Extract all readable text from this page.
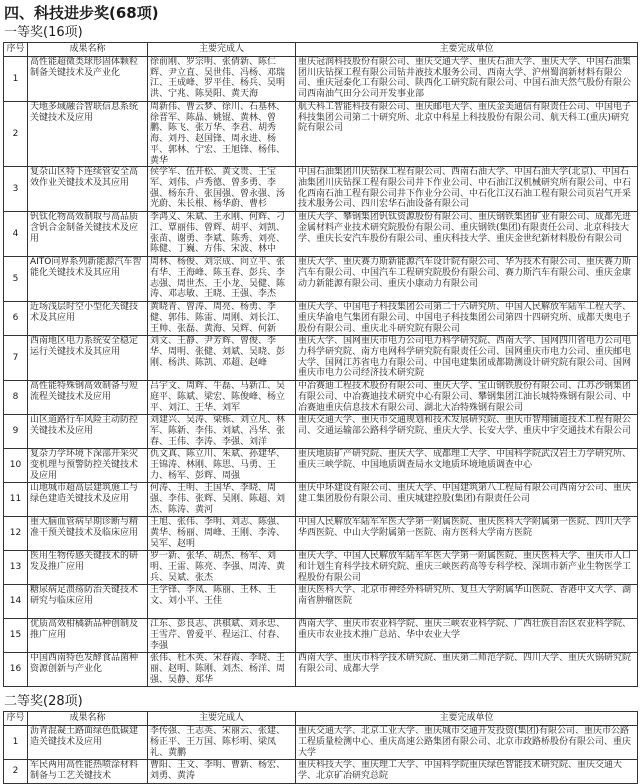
四、科技进步奖(68项)
一等奖(16项)
序号	成果名称	主要完成人	主要完成单位
1	高性能超微类球形固体颗粒制备关键技术及产业化	徐前刚、罗宗明、张倩新、陈仁辉、尹立直、吴世伟、冯杨、邓瑞江、王成峰、罗平佳、杨兵、吴明洪、宁兆、陈昊阳、黄天海	重庆冠润科技股份有限公司、重庆交通大学、重庆石油大学、重庆大学、中国石油集团川庆钻探工程有限公司钻井液技术服务公司、西南大学、沪州蜀润新材料有限公司、重庆冠泰化工有限公司、陕西化工研究院有限公司、中国石油天然气股份有限公司西南油气田分公司开发事业部
2	天地多域融合智联信息系统关键技术及应用	周新伟、曹云梦、徐川、石基林、徐晋军、陈晶、姚锟、黄林、曾鹏、陈飞、张万华、李君、胡秀海、刘丹、赵国锋、周永进、杨平、郭林、宁宏、王旭锋、杨伟、黄华	航天科工智能科技有限公司、重庆邮电大学、重庆金美通信有限责任公司、中国电子科技集团公司第二十研究所、北京中科星上科技股份有限公司、航天科工(重庆)研究院有限公司
3	复杂山区特下连续管安全高效作业关键技术及其应用	侯学军、伍开松、黄文贵、王宝军、刘伟、卢秀德、曾多勇、李强、杨东升、张国强、曾永强、汤光蔚、朱长根、杨华蔚、曹杉	中国石油集团川庆钻探工程有限公司、西南石油大学、中国石油大学(北京)、中国石油集团川庆钻探工程有限公司井下作业公司、中石油江汉机械研究所有限公司、中石化西南石油工程有限公司井下作业分公司、中石化江汉石油工程有限公司页岩气开采技术服务公司、四川宏华石油设备有限公司
4	钒钛化物高效制取与高品质含钒合金制备关键技术及应用	李鸿义、朱斌、王永刚、何辉、刁江、覃丽伟、曾辉、胡平、刘凯、张苗、谢勇、李斌、陈秀、刘亮、陈健、丁巍、方伟、宋波、林中	重庆大学、攀钢集团钒钛资源股份有限公司、重庆钢铁集团矿业有限公司、成都先进金属材料产业技术研究院股份有限公司、重庆钢铁(集团)有限责任公司、北京科技大学、重庆长安汽车股份有限公司、重庆科技大学、重庆金世纪新材料股份有限公司
5	AITO问界系列新能源汽车智能化关键技术及其应用	周林、杨俊、刘宗成、向立平、张有华、王海峰、陈玉春、彭兵、李志强、周世杰、王小龙、吴健、陈涛、邓志敏、王晓、王强、李杰	重庆大学、重庆赛力斯新能源汽车设计院有限公司、华为技术有限公司、重庆赛力斯汽车有限公司、中国汽车工程研究院股份有限公司、赛力斯汽车有限公司、重庆金康动力新能源有限公司、重庆小康动力有限公司
6	近场浅层时空小型化关键技术及其应用	黄晓青、曾涛、周亮、杨勇、李健、郭伟、陈雷、周刚、刘长江、王帅、张磊、黄海、吴辉、何新	重庆大学、中国电子科技集团公司第二十六研究所、中国人民解放军陆军工程大学、重庆华渝电气集团有限公司、中国电子科技集团公司第四十四研究所、成都天奥电子股份有限公司、重庆北斗研究院有限公司
7	西南地区电力系统安全稳定运行关键技术及其应用	刘文、王静、尹芳辉、曾俊、李华、周明、张健、刘斌、吴晓、彭刚、杨洪、陈凯、邓超、赵峰	重庆大学、国网重庆市电力公司电力科学研究院、西南大学、国网四川省电力公司电力科学研究院、南方电网科学研究院有限责任公司、国网重庆市电力公司、重庆邮电大学、国网江苏省电力有限公司、中国电建集团成都勘测设计研究院有限公司、国网重庆市电力公司经济技术研究院
8	高性能特殊钢高效制备与短流程关键技术及应用	吕宇文、周辉、牛磊、马新江、吴庭平、陈斌、梁宏、陈俊峰、杨立平、刘江、王华、刘军	中冶赛迪工程技术股份有限公司、重庆大学、宝山钢铁股份有限公司、江苏沙钢集团有限公司、中冶赛迪技术研究中心有限公司、攀钢集团江油长城特殊钢有限公司、中冶赛迪重庆信息技术有限公司、湖北大冶特殊钢有限公司
9	山区道路行车风险主动防控关键技术及应用	刘建兴、吴涛、梁栋、刘立凡、林军、陈新、李伟、刘斌、冯华、张春、王伟、李涛、李强、刘洋	重庆交通大学、重庆市交通规划和技术发展研究院、重庆市智翔铺道技术工程有限公司、交通运输部公路科学研究院、重庆大学、长安大学、重庆中宇交通技术有限公司
10	复杂力学环境下深部开采灾变机理与预警防控关键技术及应用	仇文真、陈立川、朱斌、孙建华、王锦涛、林刚、陈思、马勇、王力、杨军、彭辉、周强	重庆地质矿产研究院、重庆大学、成都理工大学、中国科学院武汉岩土力学研究所、重庆三峡学院、中国地质调查局水文地质环境地质调查中心
11	山地城市超高层建筑施工与绿色建造关键技术及应用	何涛、王明、王国华、李晓、周强、李伟、张辉、吴刚、陈超、刘杰、陈涛、黄河	重庆中环建设有限公司、重庆大学、中国建筑第八工程局有限公司西南分公司、重庆建工集团股份有限公司、重庆城建控股(集团)有限责任公司
12	重大脑血管病早期诊断与精准干预关键技术及临床应用	王旭、张伟、李明、刘志、陈强、黄华、杨丽、周峰、王刚、李涛、吴军、赵明	中国人民解放军陆军军医大学第一附属医院、重庆医科大学附属第一医院、四川大学华西医院、中山大学附属第一医院、南方医科大学南方医院
13	医用生物传感关键技术的研发及推广应用	罗一新、张华、胡杰、杨军、刘明、王雷、陈亮、李强、周涛、黄兵、吴斌、张杰	重庆大学、中国人民解放军陆军军医大学第一附属医院、重庆医科大学、重庆市人口和计划生育科学技术研究院、重庆三峡医药高等专科学校、深圳市新产业生物医学工程股份有限公司
14	糖尿病足溃疡防治关键技术研究与临床应用	王学锋、李凤、陈丽、王林、王文、刘小平、王佳	重庆医科大学、北京市神经外科研究所、复旦大学附属华山医院、香港中文大学、湖南省肿瘤医院
15	优质高效柑橘新品种创制及推广应用	江东、彭良志、洪棋斌、刘永忠、王雪芹、曾爱平、程运江、付春、李强	西南大学、重庆市农业科学院、重庆三峡农业科学院、广西壮族自治区农业科学院、重庆市农业技术推广总站、华中农业大学
16	中国西南特色发酵食品菌种资源创新与产业化	张伟、杜木英、宋春霞、李晓、王丽、赵明、陈刚、刘杰、杨洋、周强、吴静、郑华	西南大学、重庆市科学技术研究院、重庆第二师范学院、四川大学、重庆火锅研究院有限公司、成都大学
二等奖(28项)
序号	成果名称	主要完成人	主要完成单位
1	沥青混凝土路面绿色低碳建造关键技术及应用	李传强、王志英、宋丽云、张建、杨正平、王万国、陈杉明、梁凤礼、黄鹏	重庆交通大学、北京工业大学、重庆城市交通开发投资(集团)有限公司、重庆市公路工程质量检测中心、重庆高速公路集团有限公司、北京市政路桥股份有限公司、重庆大学
2	军民两用高性能热喷涂材料制备与工艺关键技术	曹阳、王文、李明、曹新、杨宏、刘勇、黄涛	重庆科技大学、重庆理工大学、中国科学院重庆绿色智能技术研究院、重庆交通大学、北京矿冶研究总院
